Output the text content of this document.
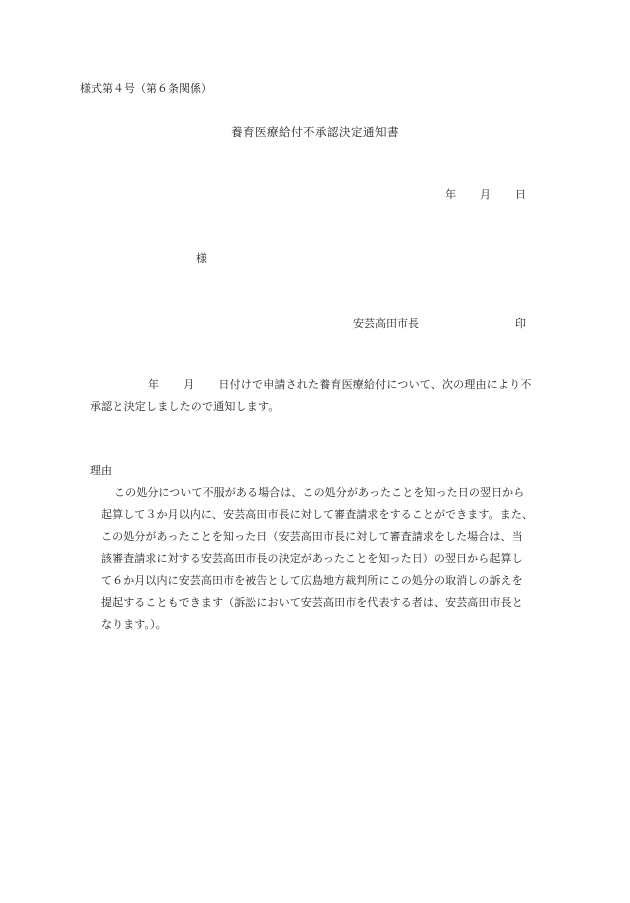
様式第４号（第６条関係）
養育医療給付不承認決定通知書
年 月 日
様
安芸高田市長	印
年 月 日付けで申請された養育医療給付について、次の理由により不
承認と決定しましたので通知します。
理由
この処分について不服がある場合は、この処分があったことを知った日の翌日から
起算して３か月以内に、安芸高田市長に対して審査請求をすることができます。また、
この処分があったことを知った日（安芸高田市長に対して審査請求をした場合は、当
該審査請求に対する安芸高田市長の決定があったことを知った日）の翌日から起算し
て６か月以内に安芸高田市を被告として広島地方裁判所にこの処分の取消しの訴えを
提起することもできます（訴訟において安芸高田市を代表する者は、安芸高田市長と
なります。）。
